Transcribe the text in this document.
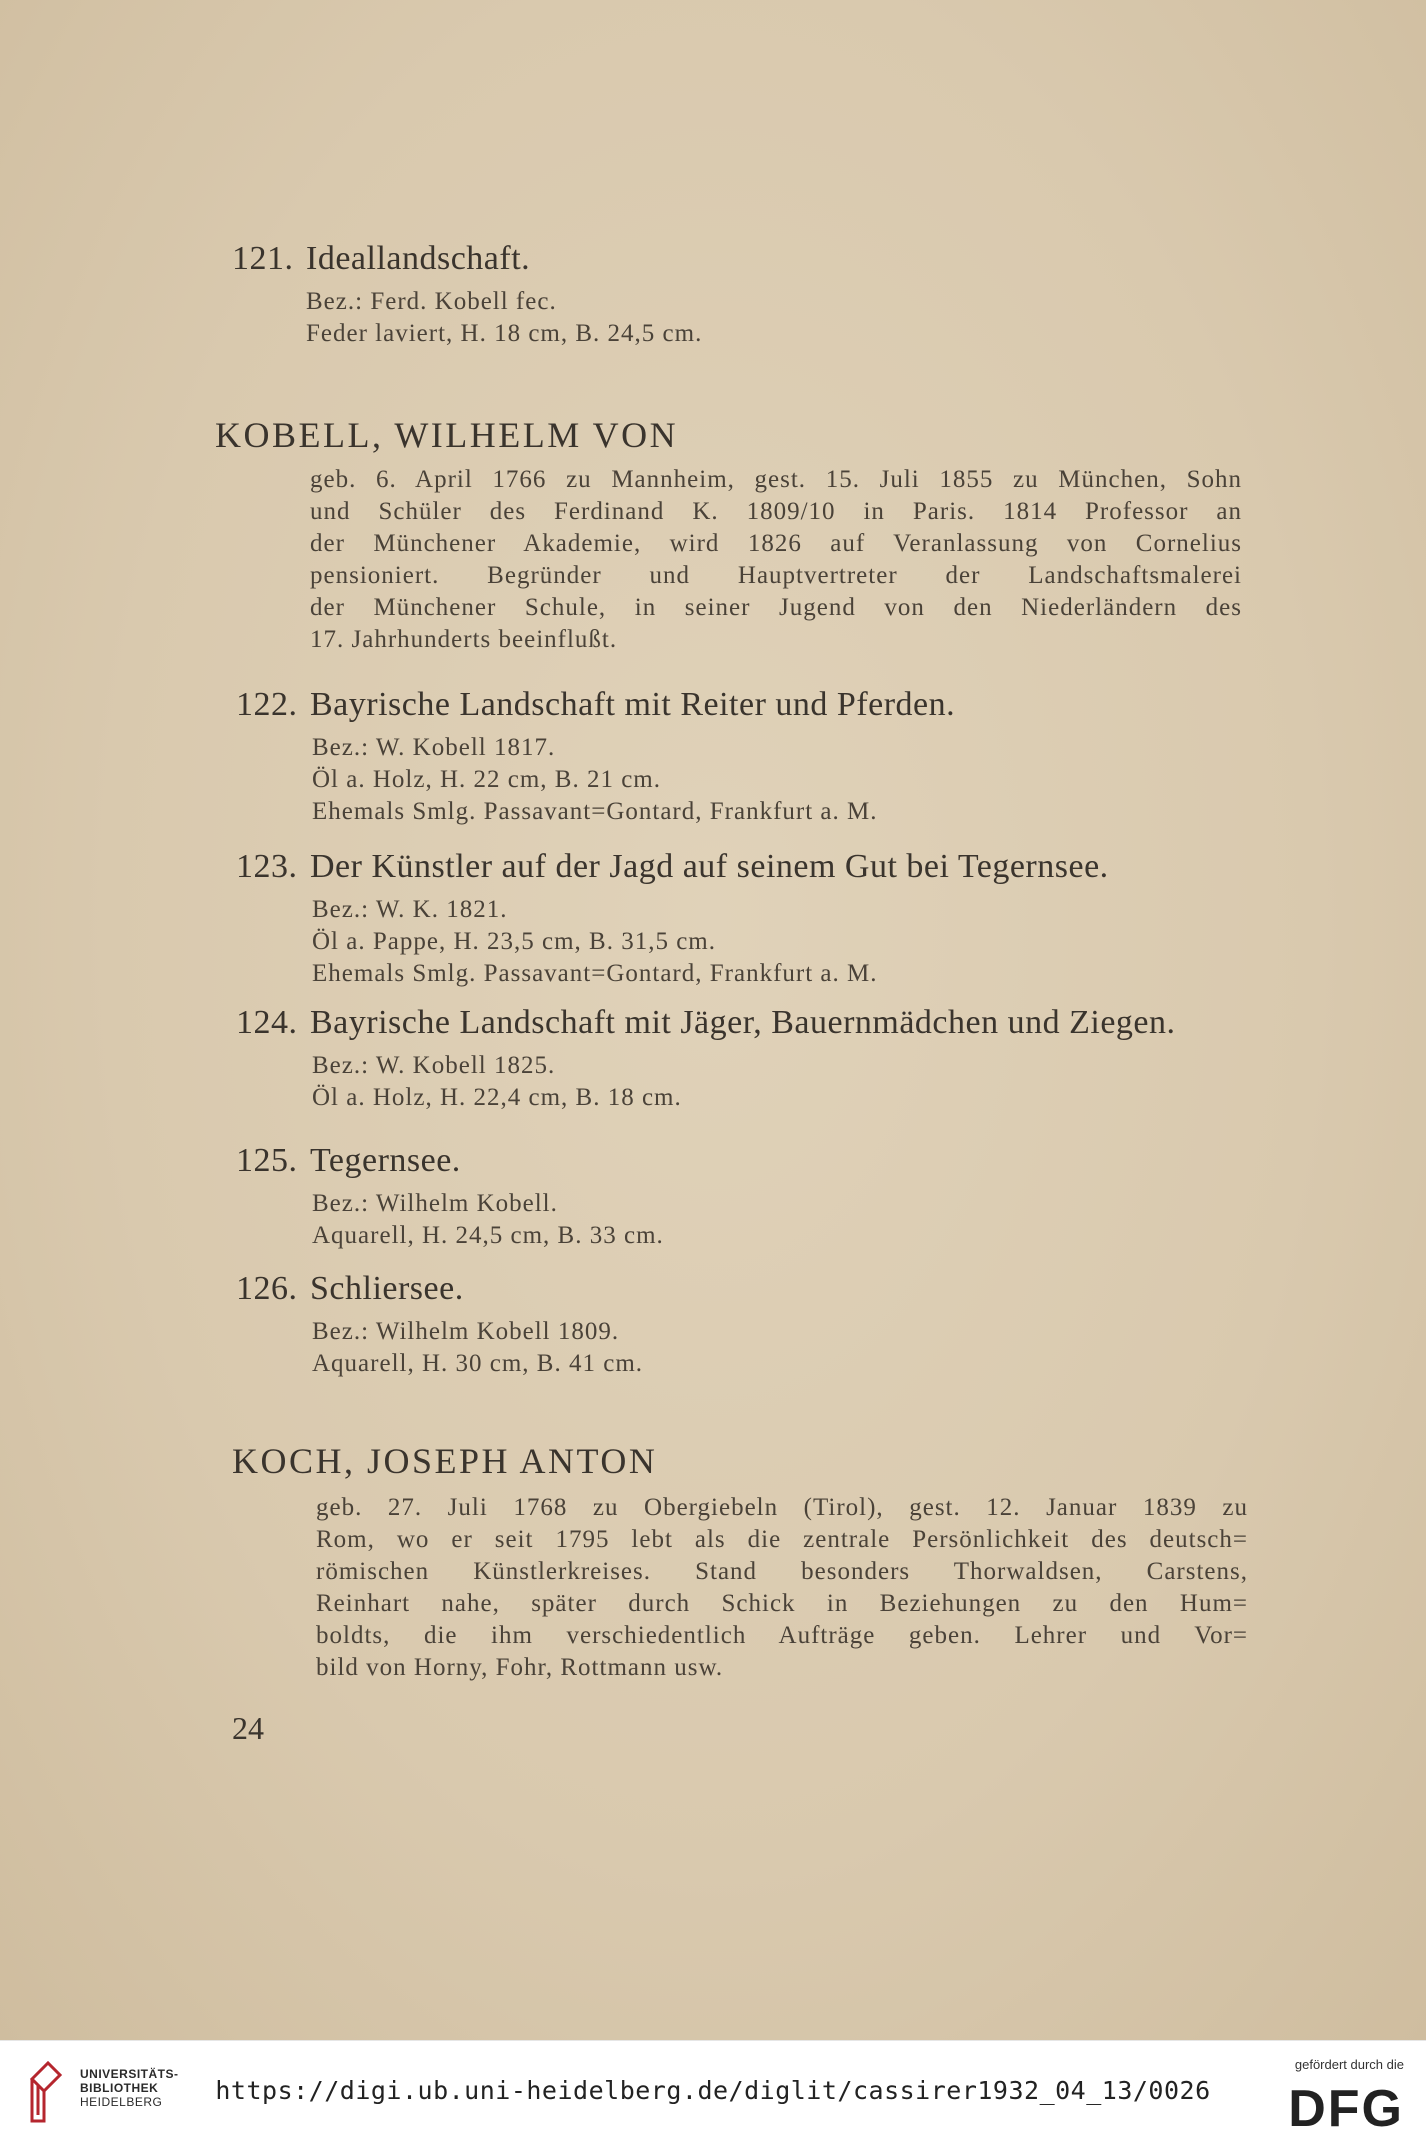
121. Ideallandschaft.
Bez.: Ferd. Kobell fec.
Feder laviert, H. 18 cm, B. 24,5 cm.
KOBELL, WILHELM VON
geb. 6. April 1766 zu Mannheim, gest. 15. Juli 1855 zu München, Sohn
und Schüler des Ferdinand K. 1809/10 in Paris. 1814 Professor an
der Münchener Akademie, wird 1826 auf Veranlassung von Cornelius
pensioniert. Begründer und Hauptvertreter der Landschaftsmalerei
der Münchener Schule, in seiner Jugend von den Niederländern des
17. Jahrhunderts beeinflußt.
122. Bayrische Landschaft mit Reiter und Pferden.
Bez.: W. Kobell 1817.
Öl a. Holz, H. 22 cm, B. 21 cm.
Ehemals Smlg. Passavant=Gontard, Frankfurt a. M.
123. Der Künstler auf der Jagd auf seinem Gut bei Tegernsee.
Bez.: W. K. 1821.
Öl a. Pappe, H. 23,5 cm, B. 31,5 cm.
Ehemals Smlg. Passavant=Gontard, Frankfurt a. M.
124. Bayrische Landschaft mit Jäger, Bauernmädchen und Ziegen.
Bez.: W. Kobell 1825.
Öl a. Holz, H. 22,4 cm, B. 18 cm.
125. Tegernsee.
Bez.: Wilhelm Kobell.
Aquarell, H. 24,5 cm, B. 33 cm.
126. Schliersee.
Bez.: Wilhelm Kobell 1809.
Aquarell, H. 30 cm, B. 41 cm.
KOCH, JOSEPH ANTON
geb. 27. Juli 1768 zu Obergiebeln (Tirol), gest. 12. Januar 1839 zu
Rom, wo er seit 1795 lebt als die zentrale Persönlichkeit des deutsch=
römischen Künstlerkreises. Stand besonders Thorwaldsen, Carstens,
Reinhart nahe, später durch Schick in Beziehungen zu den Hum=
boldts, die ihm verschiedentlich Aufträge geben. Lehrer und Vor=
bild von Horny, Fohr, Rottmann usw.
24
UNIVERSITÄTS-
BIBLIOTHEK
HEIDELBERG	https://digi.ub.uni-heidelberg.de/diglit/cassirer1932_04_13/0026
gefördert durch die
DFG
